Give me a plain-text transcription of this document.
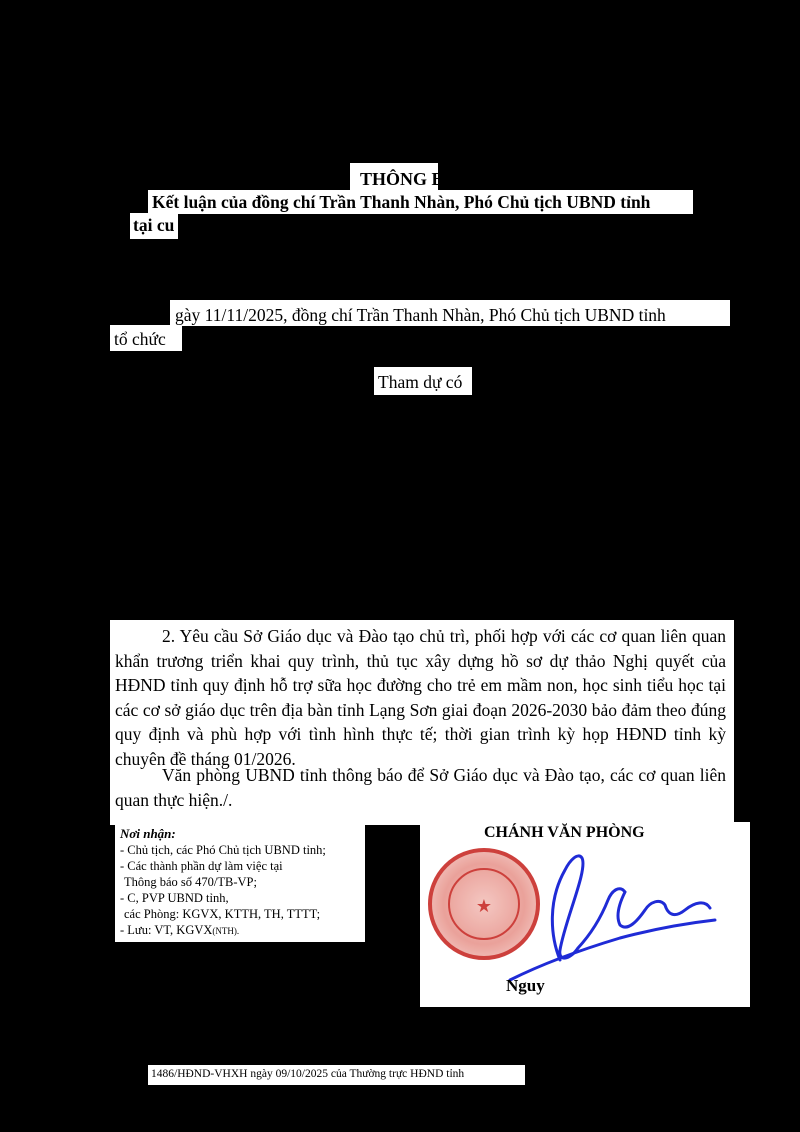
THÔNG BÁO
Kết luận của đồng chí Trần Thanh Nhàn, Phó Chủ tịch UBND tỉnh
tại cu
gày 11/11/2025, đồng chí Trần Thanh Nhàn, Phó Chủ tịch UBND tỉnh
tổ chức
Tham dự có
2. Yêu cầu Sở Giáo dục và Đào tạo chủ trì, phối hợp với các cơ quan liên quan khẩn trương triển khai quy trình, thủ tục xây dựng hồ sơ dự thảo Nghị quyết của HĐND tỉnh quy định hỗ trợ sữa học đường cho trẻ em mầm non, học sinh tiểu học tại các cơ sở giáo dục trên địa bàn tỉnh Lạng Sơn giai đoạn 2026-2030 bảo đảm theo đúng quy định và phù hợp với tình hình thực tế; thời gian trình kỳ họp HĐND tỉnh kỳ chuyên đề tháng 01/2026.
Văn phòng UBND tỉnh thông báo để Sở Giáo dục và Đào tạo, các cơ quan liên quan thực hiện./.
Nơi nhận:
- Chủ tịch, các Phó Chủ tịch UBND tỉnh;
- Các thành phần dự làm việc tại
Thông báo số 470/TB-VP;
- C, PVP UBND tỉnh,
các Phòng: KGVX, KTTH, TH, TTTT;
- Lưu: VT, KGVX(NTH).
CHÁNH VĂN PHÒNG
★
Nguy
1486/HĐND-VHXH ngày 09/10/2025 của Thường trực HĐND tỉnh
